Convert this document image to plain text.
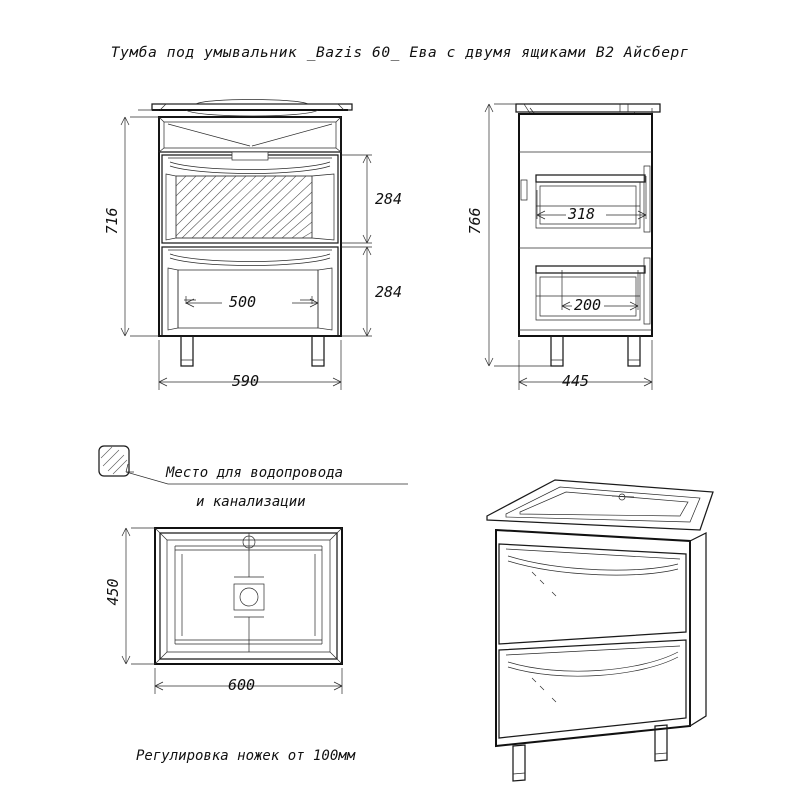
Тумба под умывальник _Bazis 60_ Ева с двумя ящиками В2 Айсберг
716
284
284
500
590
766	318
200
445
450
600
Место для водопровода
и канализации
Регулировка ножек от 100мм
